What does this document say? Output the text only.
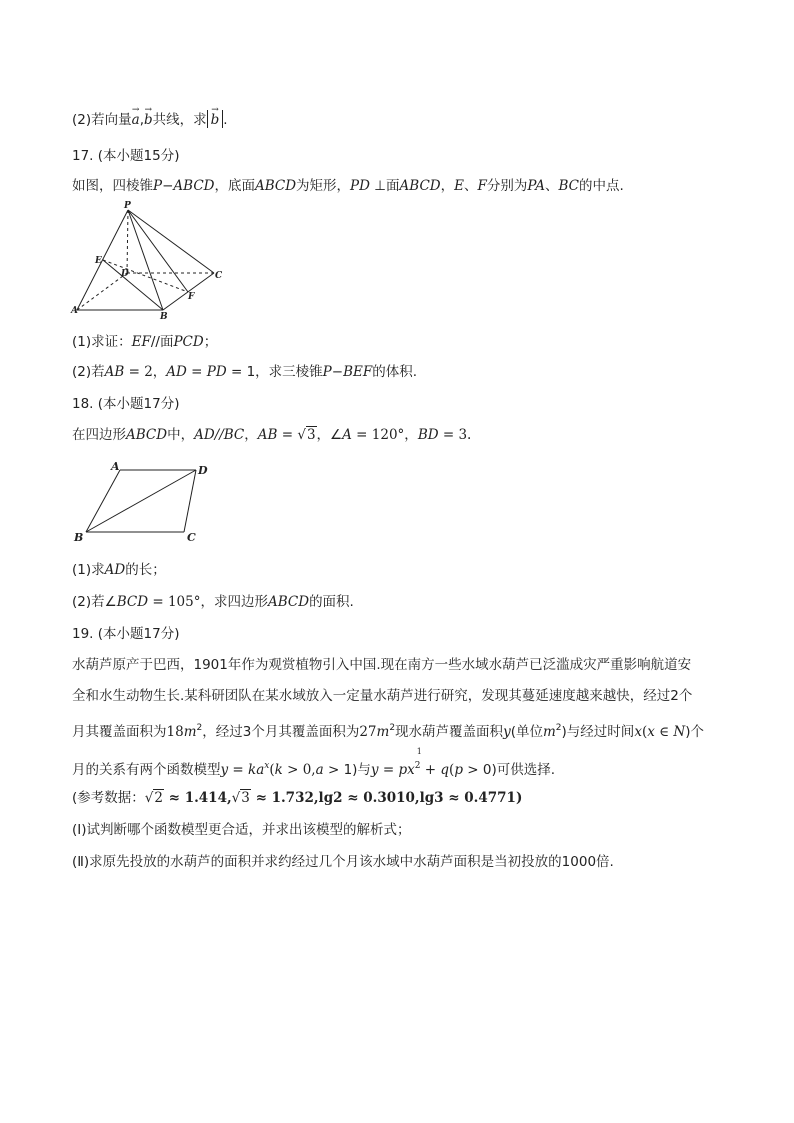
(2)若向量→ a,→ b共线，求→ b .
17. (本小题15分)
如图，四棱锥P−ABCD，底面ABCD为矩形，PD ⊥面ABCD，E、F分别为PA、BC的中点.
P
E
D	C
A
B
F
(1)求证：EF//面PCD；
(2)若AB = 2，AD = PD = 1，求三棱锥P−BEF的体积.
18. (本小题17分)
在四边形ABCD中，AD//BC，AB = √3，∠A = 120°，BD = 3.
A	D
B	C
(1)求AD的长；
(2)若∠BCD = 105°，求四边形ABCD的面积.
19. (本小题17分)
水葫芦原产于巴西，1901年作为观赏植物引入中国.现在南方一些水域水葫芦已泛滥成灾严重影响航道安
全和水生动物生长.某科研团队在某水域放入一定量水葫芦进行研究，发现其蔓延速度越来越快，经过2个
月其覆盖面积为$18m^2$，经过3个月其覆盖面积为$27m^2$现水葫芦覆盖面积y(单位$m^2$)与经过时间x(x ∈ N)个
月的关系有两个函数模型$y = ka^x(k > 0,a > 1)$与y = px
1
$^2$ + q(p > 0)可供选择.
(参考数据：√2 ≈ 1.414,√3 ≈ 1.732,lg2 ≈ 0.3010,lg3 ≈ 0.4771)
(Ⅰ)试判断哪个函数模型更合适，并求出该模型的解析式；
(Ⅱ)求原先投放的水葫芦的面积并求约经过几个月该水域中水葫芦面积是当初投放的1000倍.
